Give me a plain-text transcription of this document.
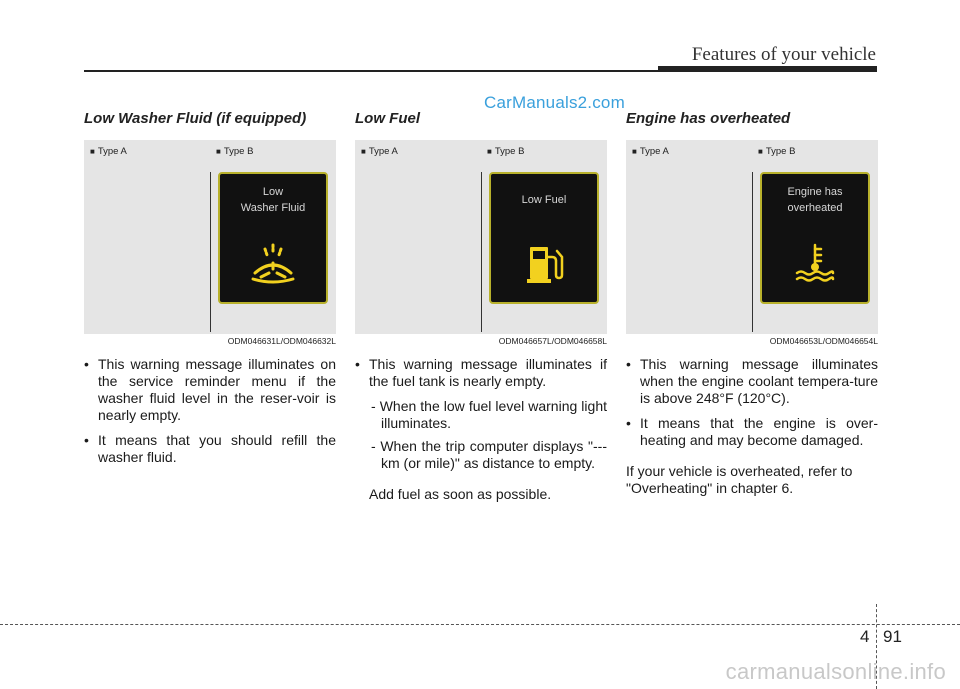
Features of your vehicle
CarManuals2.com
Low Washer Fluid (if equipped)
■ Type A	■ Type B
Low
Washer Fluid
ODM046631L/ODM046632L
• This warning message illuminates on the service reminder menu if the washer fluid level in the reser-voir is nearly empty.
• It means that you should refill the washer fluid.
Low Fuel
■ Type A	■ Type B
Low Fuel
ODM046657L/ODM046658L
• This warning message illuminates if the fuel tank is nearly empty.
- When the low fuel level warning light illuminates.
- When the trip computer displays "--- km (or mile)" as distance to empty.
Add fuel as soon as possible.
Engine has overheated
■ Type A	■ Type B
Engine has
overheated
ODM046653L/ODM046654L
• This warning message illuminates when the engine coolant tempera-ture is above 248°F (120°C).
• It means that the engine is over-heating and may become damaged.
If your vehicle is overheated, refer to "Overheating" in chapter 6.
4 91
carmanualsonline.info
